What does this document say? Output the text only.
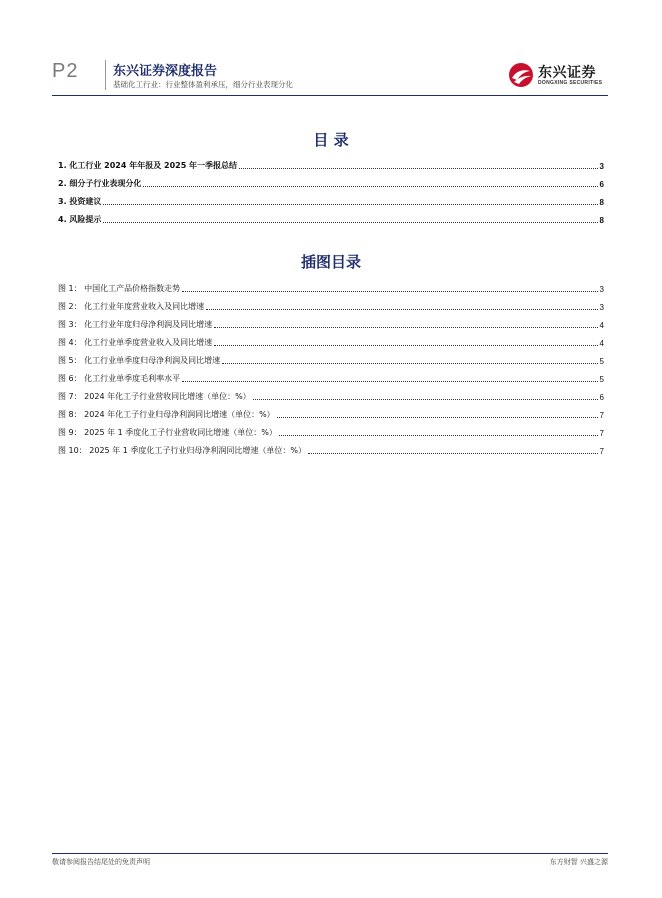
P2	东兴证券深度报告
基础化工行业：行业整体盈利承压，细分行业表现分化
东兴证券
DONGXING SECURITIES
目 录
1. 化工行业 2024 年年报及 2025 年一季报总结	3
2. 细分子行业表现分化	6
3. 投资建议	8
4. 风险提示	8
插图目录
图 1： 中国化工产品价格指数走势	3
图 2： 化工行业年度营业收入及同比增速	3
图 3： 化工行业年度归母净利润及同比增速	4
图 4： 化工行业单季度营业收入及同比增速	4
图 5： 化工行业单季度归母净利润及同比增速	5
图 6： 化工行业单季度毛利率水平	5
图 7： 2024 年化工子行业营收同比增速（单位：%）	6
图 8： 2024 年化工子行业归母净利润同比增速（单位：%）	7
图 9： 2025 年 1 季度化工子行业营收同比增速（单位：%）	7
图 10： 2025 年 1 季度化工子行业归母净利润同比增速（单位：%）	7
敬请参阅报告结尾处的免责声明	东方财智 兴盛之源
